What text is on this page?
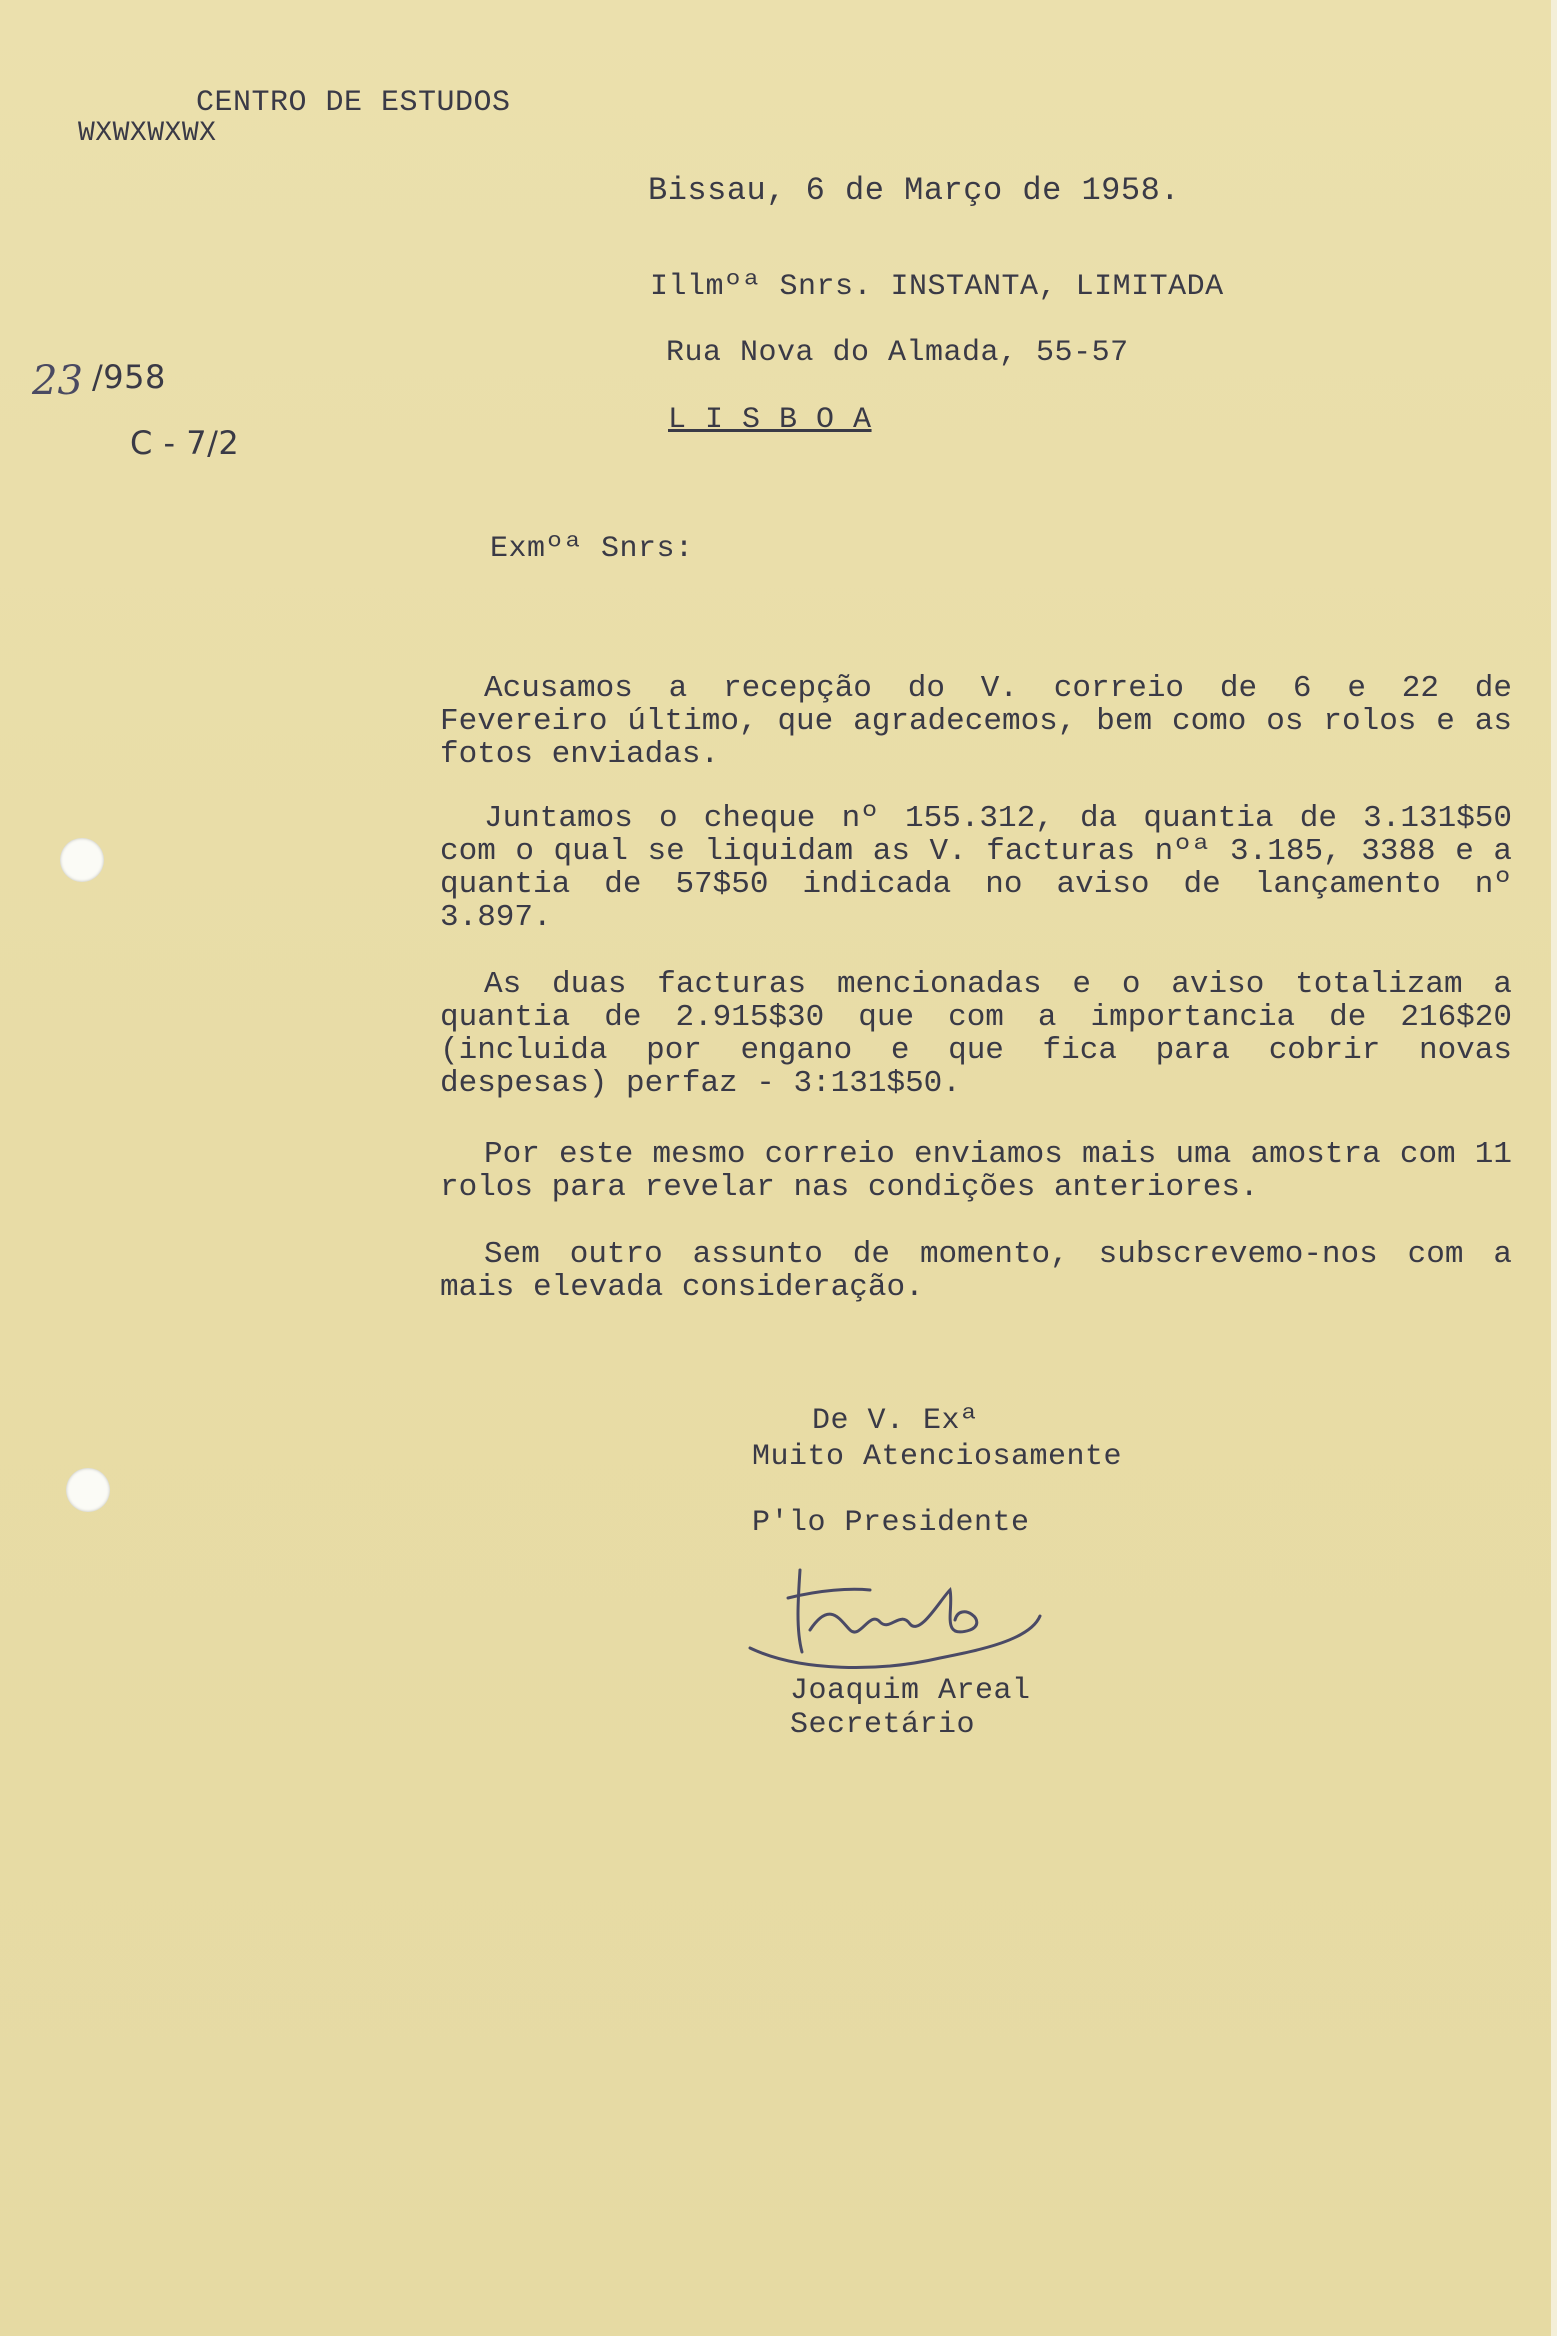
CENTRO DE ESTUDOS
WXWXWXWX
23 /958
C - 7/2
Bissau, 6 de Março de 1958.
Illmºª Snrs. INSTANTA, LIMITADA
Rua Nova do Almada, 55-57
L I S B O A
Exmºª Snrs:
Acusamos a recepção do V. correio de 6 e 22 de Fevereiro último, que agradecemos, bem como os rolos e as fotos enviadas.
Juntamos o cheque nº 155.312, da quantia de 3.131$50 com o qual se liquidam as V. facturas nºª 3.185, 3388 e a quantia de 57$50 indicada no aviso de lançamento nº 3.897.
As duas facturas mencionadas e o aviso totalizam a quantia de 2.915$30 que com a importancia de 216$20 (incluida por engano e que fica para cobrir novas despesas) perfaz - 3:131$50.
Por este mesmo correio enviamos mais uma amostra com 11 rolos para revelar nas condições anteriores.
Sem outro assunto de momento, subscrevemo-nos com a mais elevada consideração.
De V. Exª
Muito Atenciosamente
P'lo Presidente
Joaquim Areal
Secretário
